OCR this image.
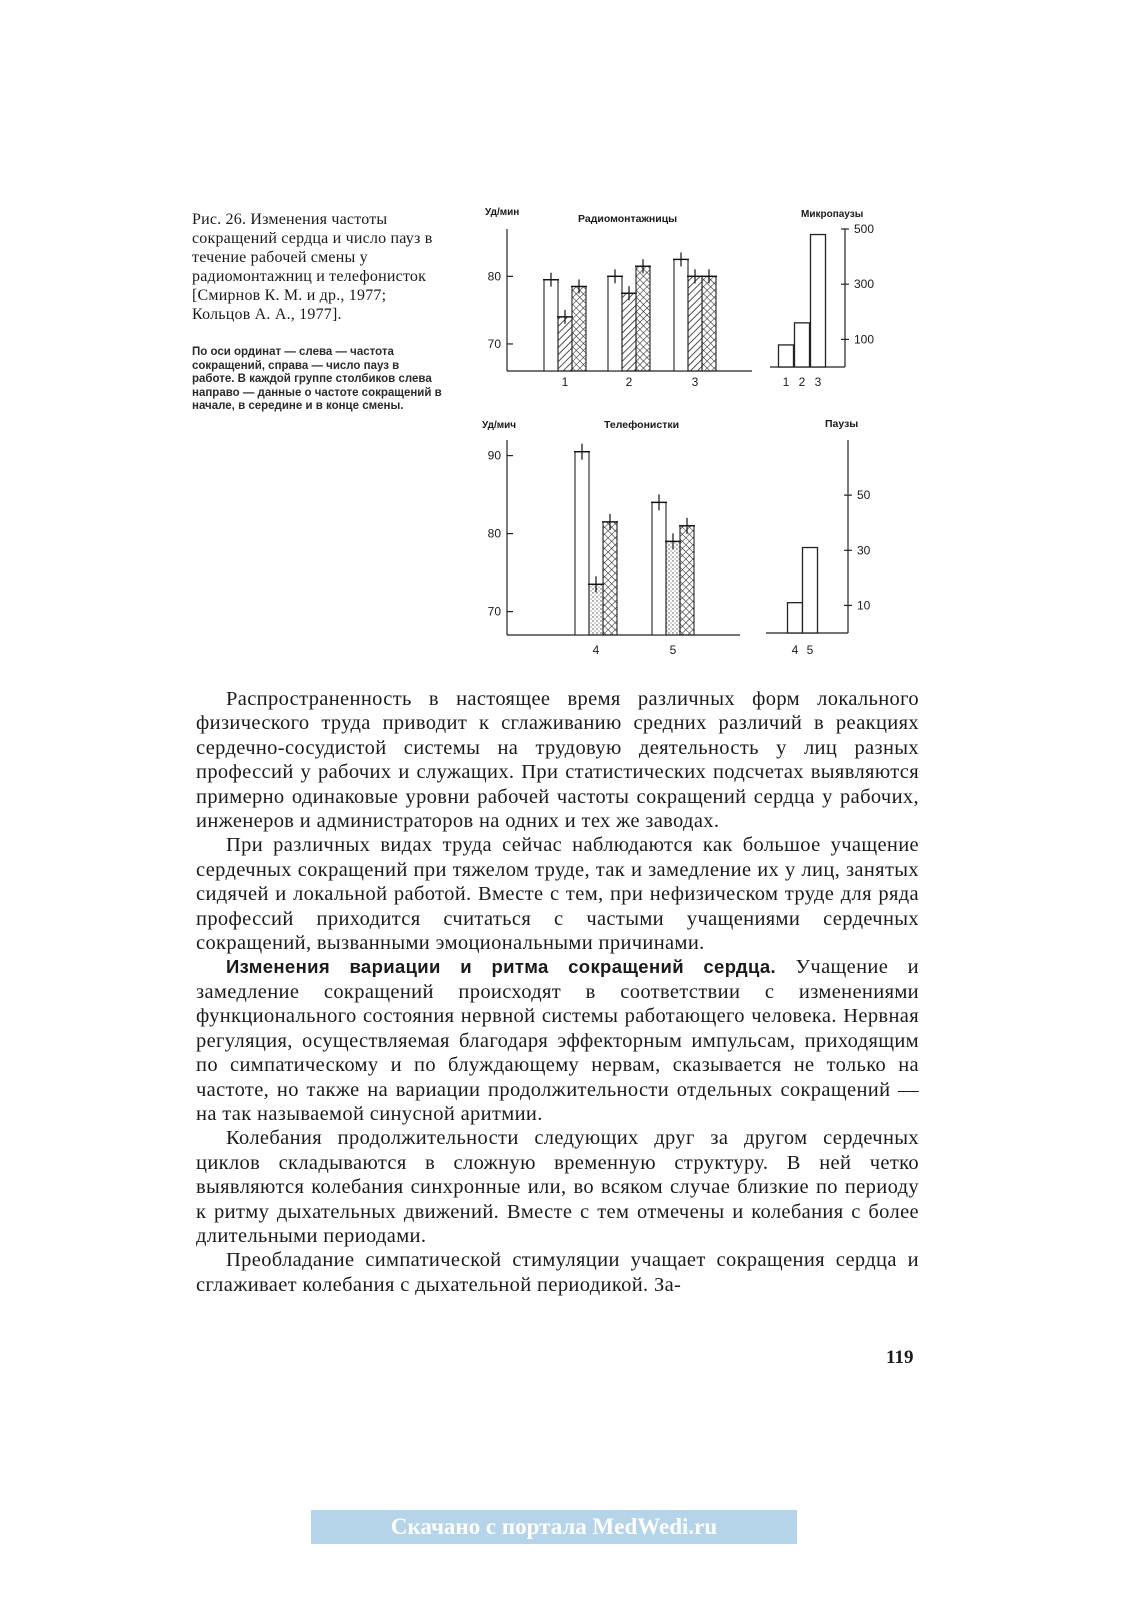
Рис. 26. Изменения частоты сокращений сердца и число пауз в течение рабочей смены у радиомонтажниц и телефонисток [Смирнов К. М. и др., 1977; Кольцов А. А., 1977].
По оси ординат — слева — частота сокращений, справа — число пауз в работе. В каждой группе столбиков слева направо — данные о частоте сокращений в начале, в середине и в конце смены.
Уд/мин
Радиомонтажницы
70
80
1	2	3
Микропаузы
100
300
500
1 2 3
Уд/мич	Телефонистки
70
80
90
4	5
Паузы
10
30
50
4 5

Распространенность в настоящее время различных форм локального физического труда приводит к сглаживанию средних различий в реакциях сердечно-сосудистой системы на трудовую деятельность у лиц разных профессий у рабочих и служащих. При статистических подсчетах выявляются примерно одинаковые уровни рабочей частоты сокращений сердца у рабочих, инженеров и администраторов на одних и тех же заводах.

При различных видах труда сейчас наблюдаются как большое учащение сердечных сокращений при тяжелом труде, так и замедление их у лиц, занятых сидячей и локальной работой. Вместе с тем, при нефизическом труде для ряда профессий приходится считаться с частыми учащениями сердечных сокращений, вызванными эмоциональными причинами.

Изменения вариации и ритма сокращений сердца. Учащение и замедление сокращений происходят в соответствии с изменениями функционального состояния нервной системы работающего человека. Нервная регуляция, осуществляемая благодаря эффекторным импульсам, приходящим по симпатическому и по блуждающему нервам, сказывается не только на частоте, но также на вариации продолжительности отдельных сокращений — на так называемой синусной аритмии.

Колебания продолжительности следующих друг за другом сердечных циклов складываются в сложную временную структуру. В ней четко выявляются колебания синхронные или, во всяком случае близкие по периоду к ритму дыхательных движений. Вместе с тем отмечены и колебания с более длительными периодами.

Преобладание симпатической стимуляции учащает сокращения сердца и сглаживает колебания с дыхательной периодикой. За-

119
Скачано с портала MedWedi.ru
